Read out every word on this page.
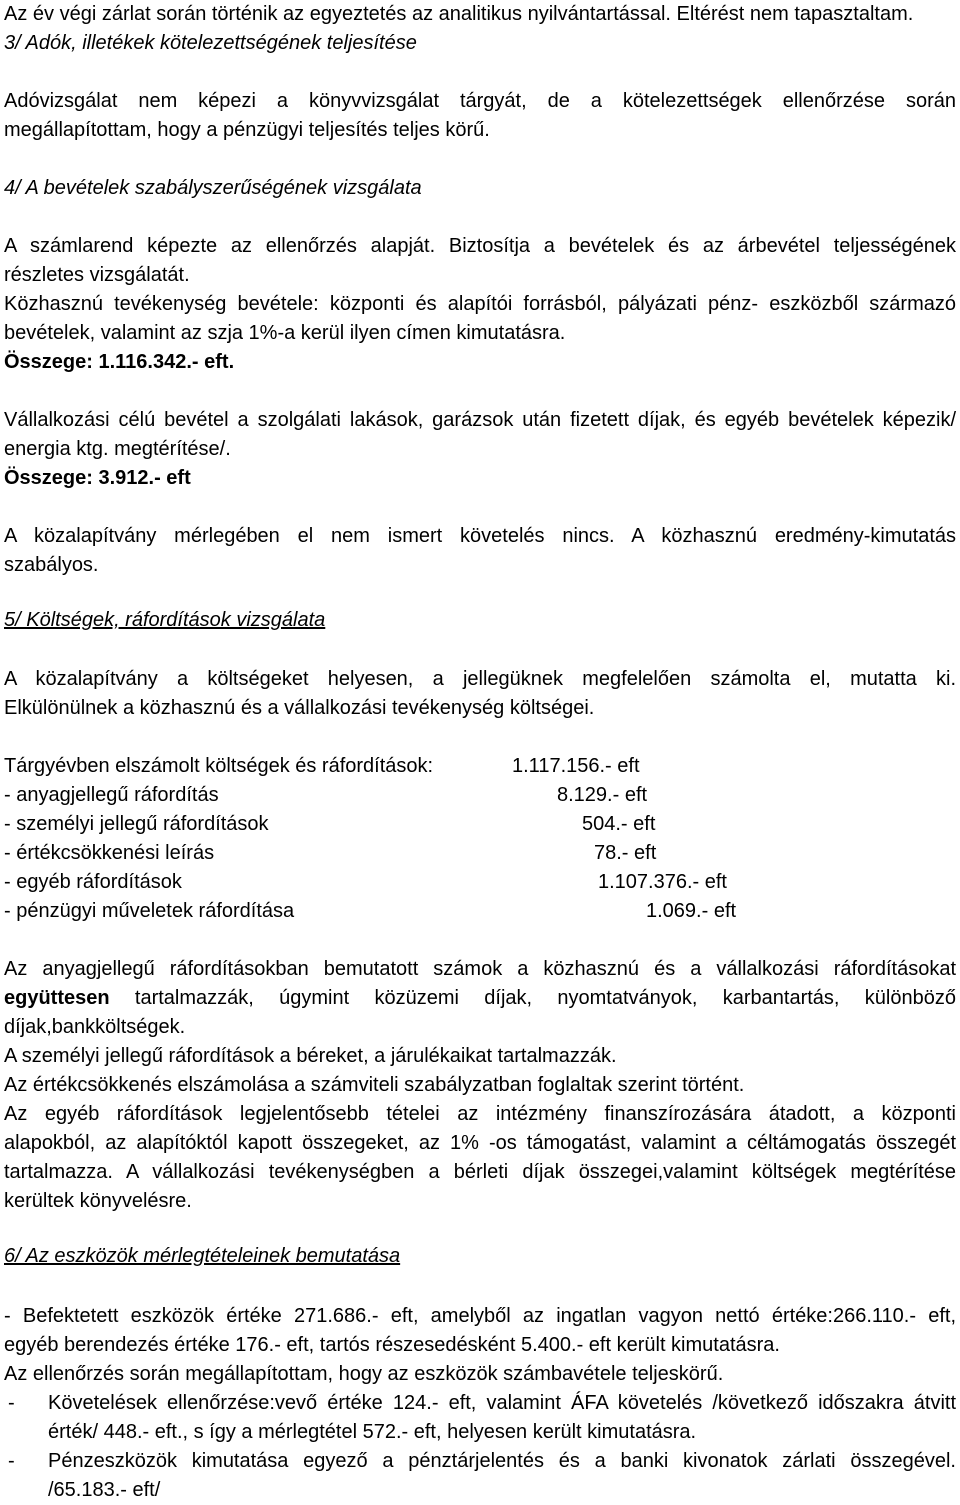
Az év végi zárlat során történik az egyeztetés az analitikus nyilvántartással. Eltérést nem tapasztaltam.
3/ Adók, illetékek kötelezettségének teljesítése
Adóvizsgálat nem képezi a könyvvizsgálat tárgyát, de a kötelezettségek ellenőrzése során
megállapítottam, hogy a pénzügyi teljesítés teljes körű.
4/ A bevételek szabályszerűségének vizsgálata
A számlarend képezte az ellenőrzés alapját. Biztosítja a bevételek és az árbevétel teljességének
részletes vizsgálatát.
Közhasznú tevékenység bevétele: központi és alapítói forrásból, pályázati pénz- eszközből származó
bevételek, valamint az szja 1%-a kerül ilyen címen kimutatásra.
Összege: 1.116.342.- eft.
Vállalkozási célú bevétel a szolgálati lakások, garázsok után fizetett díjak, és egyéb bevételek képezik/
energia ktg. megtérítése/.
Összege: 3.912.- eft
A közalapítvány mérlegében el nem ismert követelés nincs. A közhasznú eredmény-kimutatás
szabályos.
5/ Költségek, ráfordítások vizsgálata
A közalapítvány a költségeket helyesen, a jellegüknek megfelelően számolta el, mutatta ki.
Elkülönülnek a közhasznú és a vállalkozási tevékenység költségei.
Tárgyévben elszámolt költségek és ráfordítások:	1.117.156.- eft
- anyagjellegű ráfordítás	8.129.- eft
- személyi jellegű ráfordítások	504.- eft
- értékcsökkenési leírás	78.- eft
- egyéb ráfordítások	1.107.376.- eft
- pénzügyi műveletek ráfordítása	1.069.- eft
Az anyagjellegű ráfordításokban bemutatott számok a közhasznú és a vállalkozási ráfordításokat
együttesen tartalmazzák, úgymint közüzemi díjak, nyomtatványok, karbantartás, különböző
díjak,bankköltségek.
A személyi jellegű ráfordítások a béreket, a járulékaikat tartalmazzák.
Az értékcsökkenés elszámolása a számviteli szabályzatban foglaltak szerint történt.
Az egyéb ráfordítások legjelentősebb tételei az intézmény finanszírozására átadott, a központi
alapokból, az alapítóktól kapott összegeket, az 1% -os támogatást, valamint a céltámogatás összegét
tartalmazza. A vállalkozási tevékenységben a bérleti díjak összegei,valamint költségek megtérítése
kerültek könyvelésre.
6/ Az eszközök mérlegtételeinek bemutatása
- Befektetett eszközök értéke 271.686.- eft, amelyből az ingatlan vagyon nettó értéke:266.110.- eft,
egyéb berendezés értéke 176.- eft, tartós részesedésként 5.400.- eft került kimutatásra.
Az ellenőrzés során megállapítottam, hogy az eszközök számbavétele teljeskörű.
- Követelések ellenőrzése:vevő értéke 124.- eft, valamint ÁFA követelés /következő időszakra átvitt
érték/ 448.- eft., s így a mérlegtétel 572.- eft, helyesen került kimutatásra.
- Pénzeszközök kimutatása egyező a pénztárjelentés és a banki kivonatok zárlati összegével.
/65.183.- eft/
